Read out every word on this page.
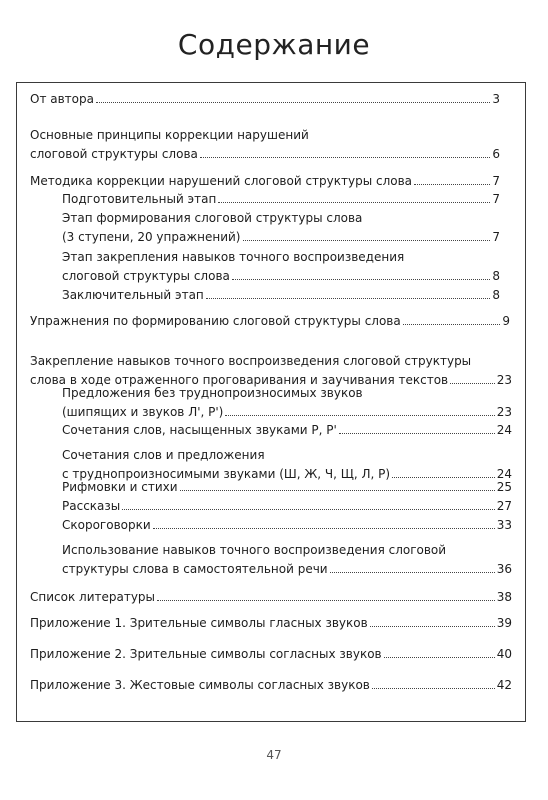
Содержание
От автора	3
Основные принципы коррекции нарушений
слоговой структуры слова	6
Методика коррекции нарушений слоговой структуры слова	7
Подготовительный этап	7
Этап формирования слоговой структуры слова
(3 ступени, 20 упражнений)	7
Этап закрепления навыков точного воспроизведения
слоговой структуры слова	8
Заключительный этап	8
Упражнения по формированию слоговой структуры слова	9
Закрепление навыков точного воспроизведения слоговой структуры
слова в ходе отраженного проговаривания и заучивания текстов	23
Предложения без труднопроизносимых звуков
(шипящих и звуков Л', Р')	23
Сочетания слов, насыщенных звуками Р, Р'	24
Сочетания слов и предложения
с труднопроизносимыми звуками (Ш, Ж, Ч, Щ, Л, Р)	24
Рифмовки и стихи	25
Рассказы	27
Скороговорки	33
Использование навыков точного воспроизведения слоговой
структуры слова в самостоятельной речи	36
Список литературы	38
Приложение 1. Зрительные символы гласных звуков	39
Приложение 2. Зрительные символы согласных звуков	40
Приложение 3. Жестовые символы согласных звуков	42
47
